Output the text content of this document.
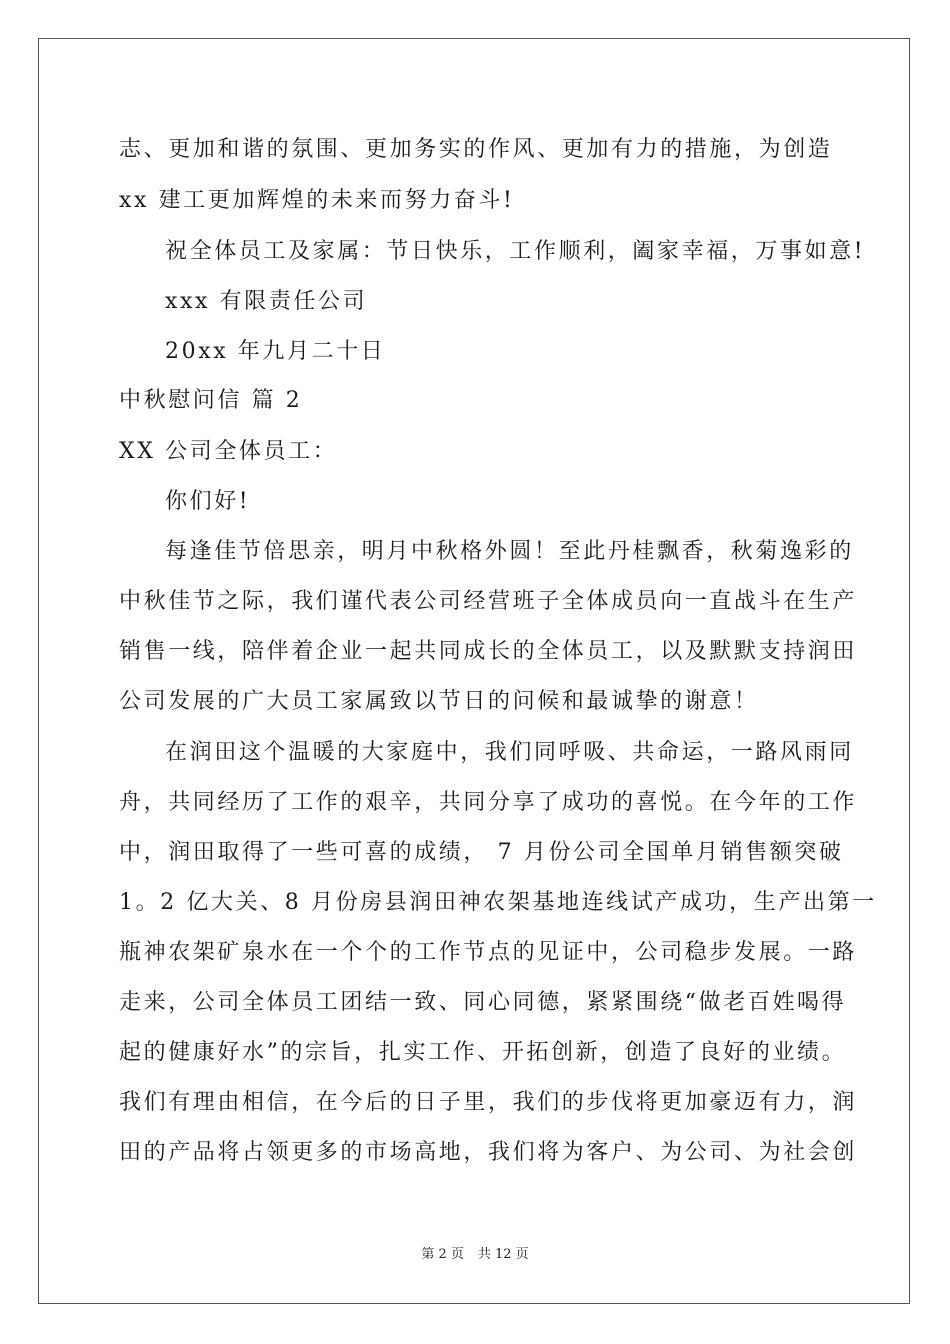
志、更加和谐的氛围、更加务实的作风、更加有力的措施，为创造
xx 建工更加辉煌的未来而努力奋斗!
祝全体员工及家属：节日快乐，工作顺利，阖家幸福，万事如意!
xxx 有限责任公司
20xx 年九月二十日
中秋慰问信 篇 2
XX 公司全体员工：
你们好!
每逢佳节倍思亲，明月中秋格外圆！至此丹桂飘香，秋菊逸彩的
中秋佳节之际，我们谨代表公司经营班子全体成员向一直战斗在生产
销售一线，陪伴着企业一起共同成长的全体员工，以及默默支持润田
公司发展的广大员工家属致以节日的问候和最诚挚的谢意！
在润田这个温暖的大家庭中，我们同呼吸、共命运，一路风雨同
舟，共同经历了工作的艰辛，共同分享了成功的喜悦。在今年的工作
中，润田取得了一些可喜的成绩， 7 月份公司全国单月销售额突破
1。2 亿大关、8 月份房县润田神农架基地连线试产成功，生产出第一
瓶神农架矿泉水在一个个的工作节点的见证中，公司稳步发展。一路
走来，公司全体员工团结一致、同心同德，紧紧围绕“做老百姓喝得
起的健康好水”的宗旨，扎实工作、开拓创新，创造了良好的业绩。
我们有理由相信，在今后的日子里，我们的步伐将更加豪迈有力，润
田的产品将占领更多的市场高地，我们将为客户、为公司、为社会创
第 2 页 共 12 页
